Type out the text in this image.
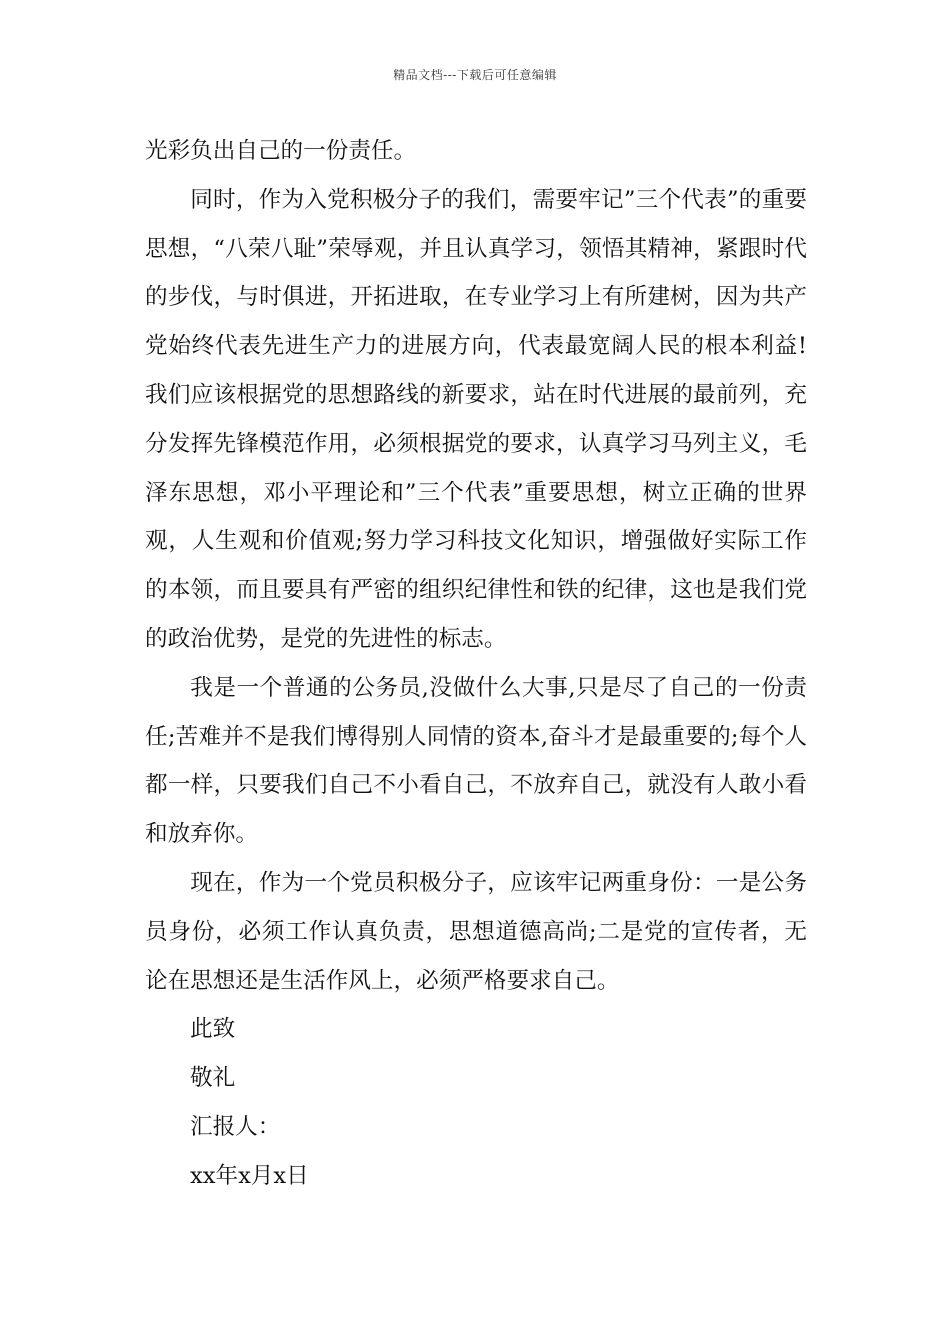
精品文档---下载后可任意编辑

光彩负出自己的一份责任。

同时，作为入党积极分子的我们，需要牢记”三个代表”的重要思想，“八荣八耻”荣辱观，并且认真学习，领悟其精神，紧跟时代的步伐，与时俱进，开拓进取，在专业学习上有所建树，因为共产党始终代表先进生产力的进展方向，代表最宽阔人民的根本利益!我们应该根据党的思想路线的新要求，站在时代进展的最前列，充分发挥先锋模范作用，必须根据党的要求，认真学习马列主义，毛泽东思想，邓小平理论和”三个代表”重要思想，树立正确的世界观，人生观和价值观;努力学习科技文化知识，增强做好实际工作的本领，而且要具有严密的组织纪律性和铁的纪律，这也是我们党的政治优势，是党的先进性的标志。

我是一个普通的公务员,没做什么大事,只是尽了自己的一份责任;苦难并不是我们博得别人同情的资本,奋斗才是最重要的;每个人都一样，只要我们自己不小看自己，不放弃自己，就没有人敢小看和放弃你。

现在，作为一个党员积极分子，应该牢记两重身份：一是公务员身份，必须工作认真负责，思想道德高尚;二是党的宣传者，无论在思想还是生活作风上，必须严格要求自己。

此致

敬礼

汇报人：

xx年x月x日
